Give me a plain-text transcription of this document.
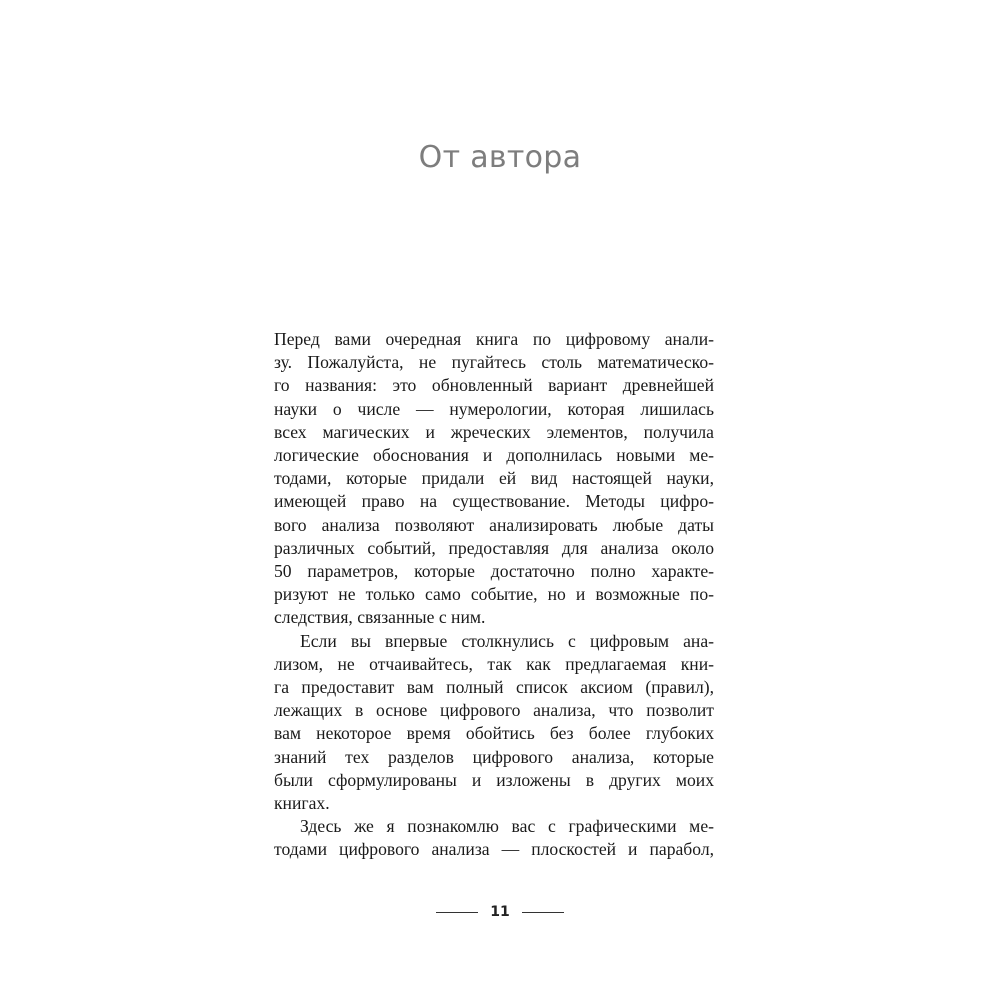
От автора

Перед вами очередная книга по цифровому анали-
зу. Пожалуйста, не пугайтесь столь математическо-
го названия: это обновленный вариант древнейшей
науки о числе — нумерологии, которая лишилась
всех магических и жреческих элементов, получила
логические обоснования и дополнилась новыми ме-
тодами, которые придали ей вид настоящей науки,
имеющей право на существование. Методы цифро-
вого анализа позволяют анализировать любые даты
различных событий, предоставляя для анализа около
50 параметров, которые достаточно полно характе-
ризуют не только само событие, но и возможные по-
следствия, связанные с ним.

Если вы впервые столкнулись с цифровым ана-
лизом, не отчаивайтесь, так как предлагаемая кни-
га предоставит вам полный список аксиом (правил),
лежащих в основе цифрового анализа, что позволит
вам некоторое время обойтись без более глубоких
знаний тех разделов цифрового анализа, которые
были сформулированы и изложены в других моих
книгах.

Здесь же я познакомлю вас с графическими ме-
тодами цифрового анализа — плоскостей и парабол,

11
